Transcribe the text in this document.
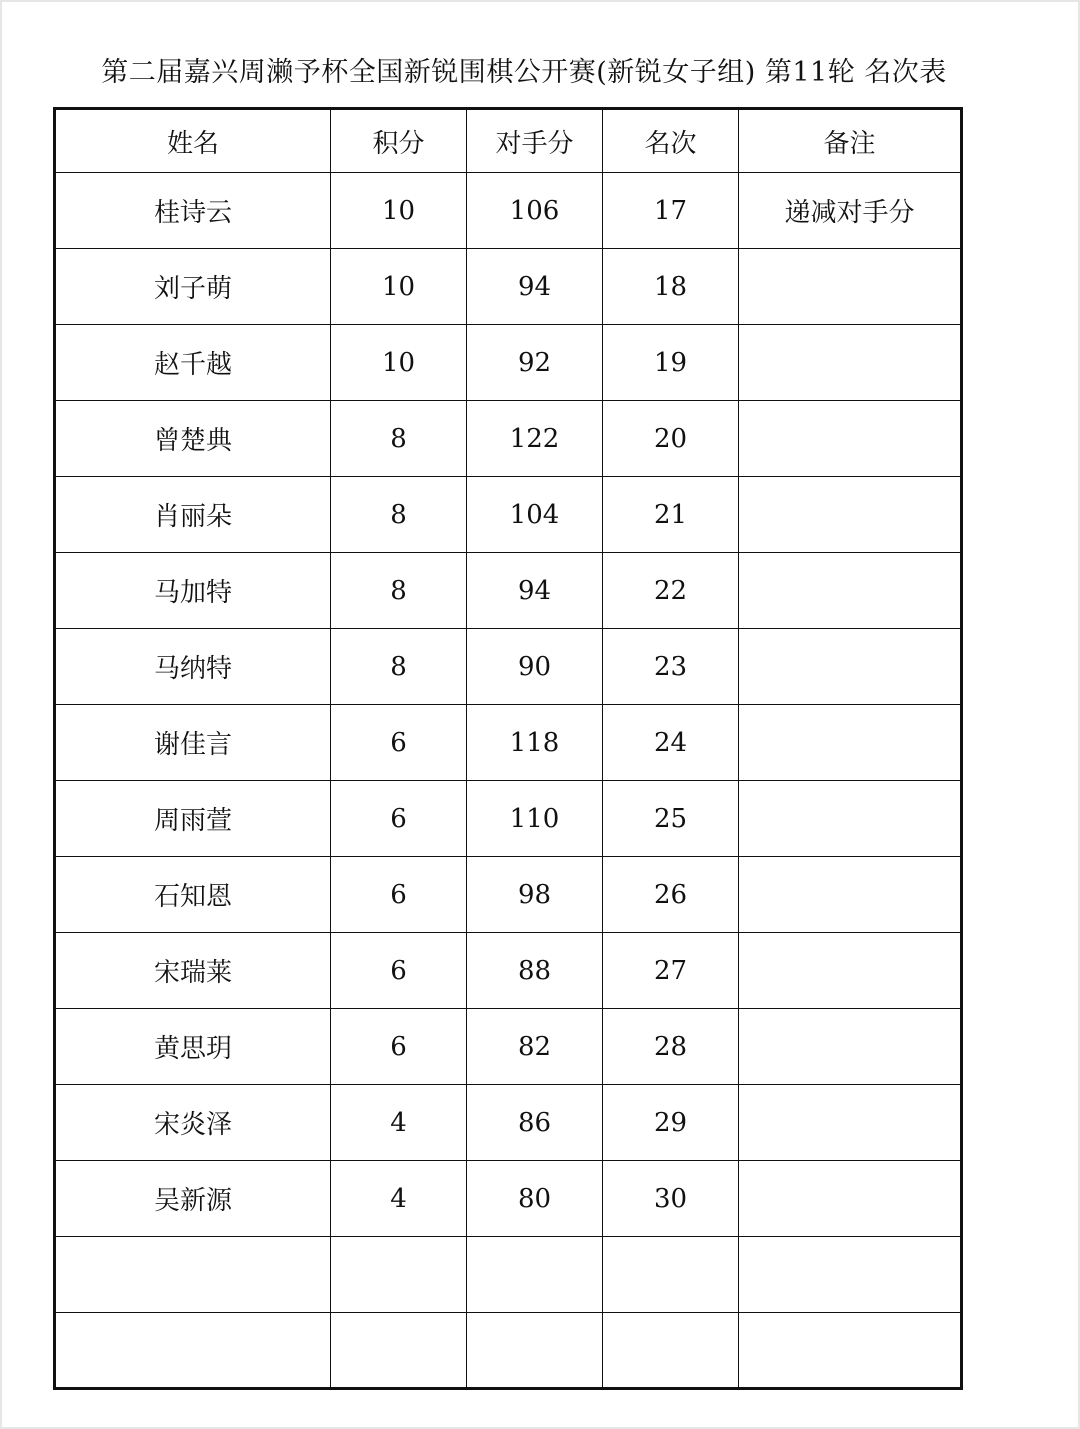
第二届嘉兴周濑予杯全国新锐围棋公开赛(新锐女子组) 第11轮 名次表
姓名	积分	对手分	名次	备注
桂诗云	10	106	17	递减对手分
刘子萌	10	94	18	
赵千越	10	92	19	
曾楚典	8	122	20	
肖丽朵	8	104	21	
马加特	8	94	22	
马纳特	8	90	23	
谢佳言	6	118	24	
周雨萱	6	110	25	
石知恩	6	98	26	
宋瑞莱	6	88	27	
黄思玥	6	82	28	
宋炎泽	4	86	29	
吴新源	4	80	30	
